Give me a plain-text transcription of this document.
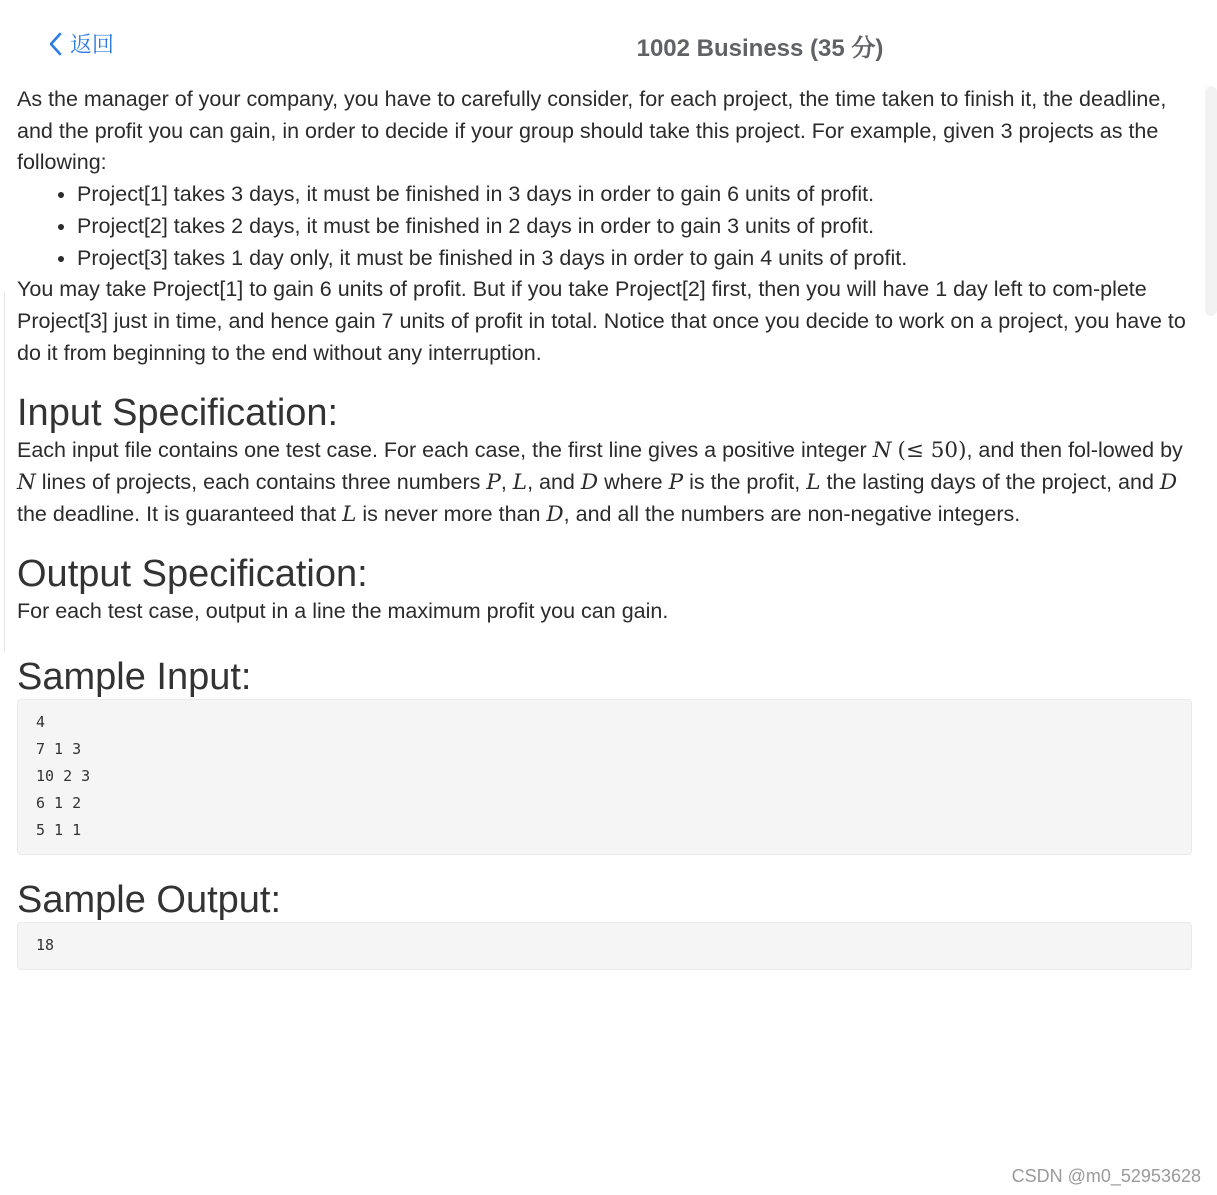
返回	1002 Business (35 分)

As the manager of your company, you have to carefully consider, for each project, the time taken to finish it, the deadline, and the profit you can gain, in order to decide if your group should take this project. For example, given 3 projects as the following:

• Project[1] takes 3 days, it must be finished in 3 days in order to gain 6 units of profit.
• Project[2] takes 2 days, it must be finished in 2 days in order to gain 3 units of profit.
• Project[3] takes 1 day only, it must be finished in 3 days in order to gain 4 units of profit.

You may take Project[1] to gain 6 units of profit. But if you take Project[2] first, then you will have 1 day left to com-plete Project[3] just in time, and hence gain 7 units of profit in total. Notice that once you decide to work on a project, you have to do it from beginning to the end without any interruption.

Input Specification:

Each input file contains one test case. For each case, the first line gives a positive integer N (≤ 50), and then fol-lowed by N lines of projects, each contains three numbers P, L, and D where P is the profit, L the lasting days of the project, and D the deadline. It is guaranteed that L is never more than D, and all the numbers are non-negative integers.

Output Specification:

For each test case, output in a line the maximum profit you can gain.

Sample Input:
4
7 1 3
10 2 3
6 1 2
5 1 1
Sample Output:
18
CSDN @m0_52953628
